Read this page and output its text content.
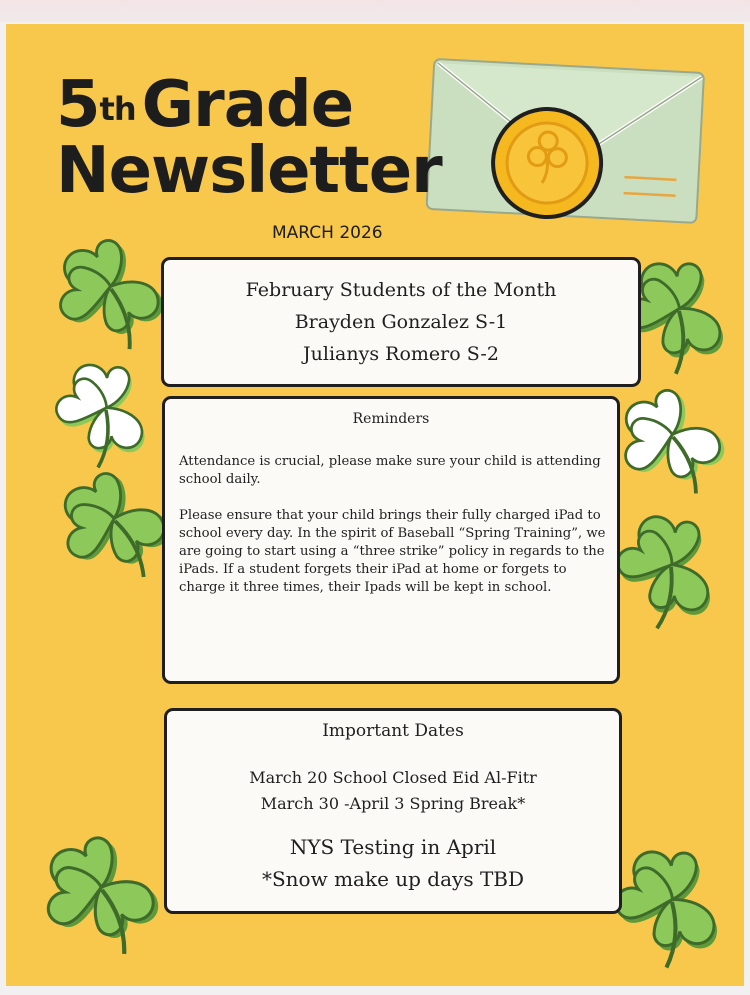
5thGrade
Newsletter
MARCH 2026
February Students of the Month
Brayden Gonzalez S-1
Julianys Romero S-2
Reminders

Attendance is crucial, please make sure your child is attending school daily.

Please ensure that your child brings their fully charged iPad to school every day. In the spirit of Baseball “Spring Training”, we are going to start using a “three strike” policy in regards to the iPads. If a student forgets their iPad at home or forgets to charge it three times, their Ipads will be kept in school.

Important Dates
March 20 School Closed Eid Al-Fitr
March 30 -April 3 Spring Break*
NYS Testing in April
*Snow make up days TBD
